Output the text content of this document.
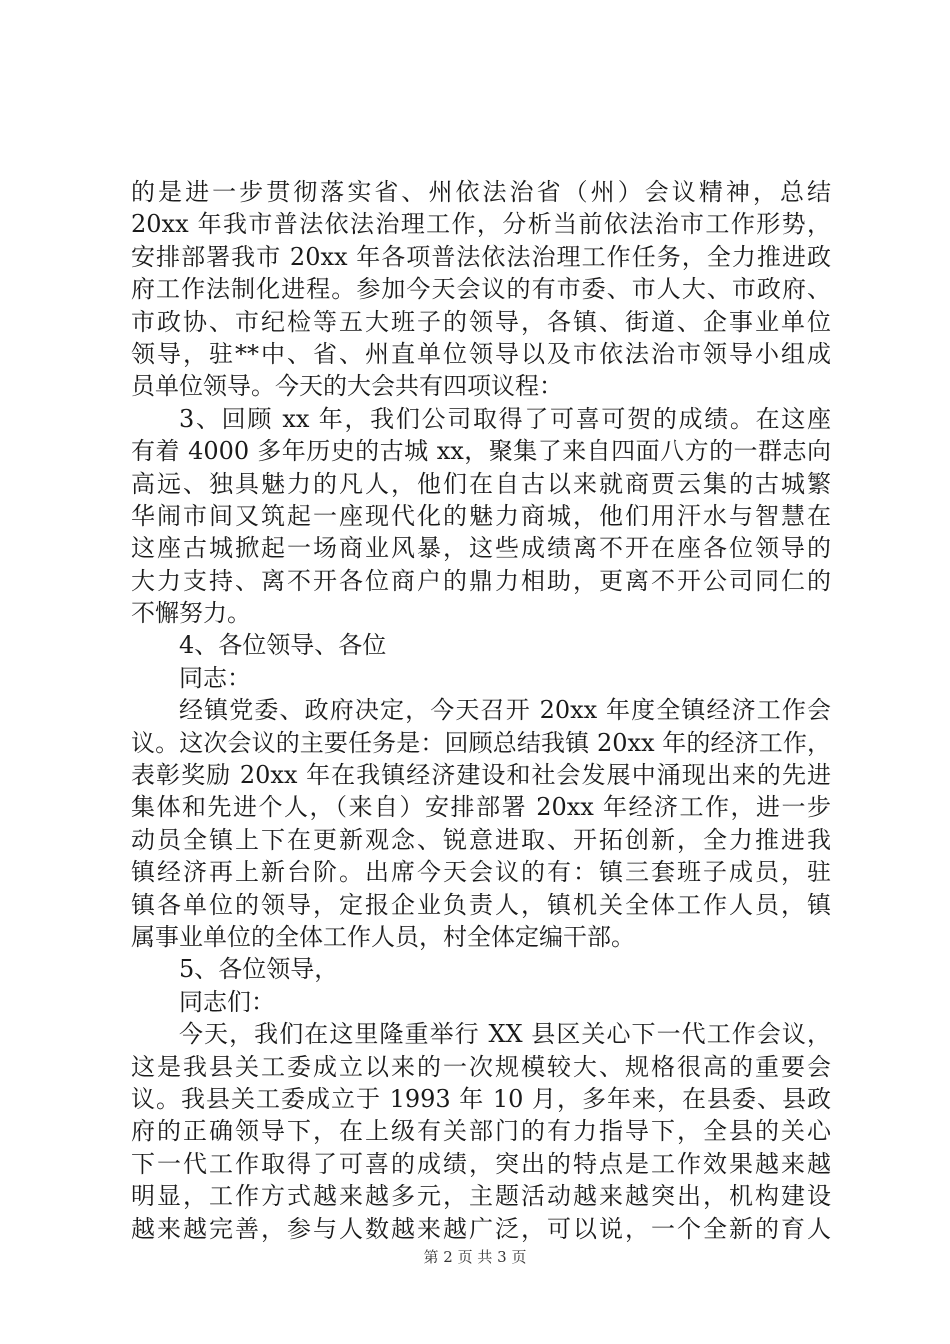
的是进一步贯彻落实省、州依法治省（州）会议精神，总结
20xx 年我市普法依法治理工作，分析当前依法治市工作形势，
安排部署我市 20xx 年各项普法依法治理工作任务，全力推进政
府工作法制化进程。参加今天会议的有市委、市人大、市政府、
市政协、市纪检等五大班子的领导，各镇、街道、企事业单位
领导，驻**中、省、州直单位领导以及市依法治市领导小组成
员单位领导。今天的大会共有四项议程：
3、回顾 xx 年，我们公司取得了可喜可贺的成绩。在这座
有着 4000 多年历史的古城 xx，聚集了来自四面八方的一群志向
高远、独具魅力的凡人，他们在自古以来就商贾云集的古城繁
华闹市间又筑起一座现代化的魅力商城，他们用汗水与智慧在
这座古城掀起一场商业风暴，这些成绩离不开在座各位领导的
大力支持、离不开各位商户的鼎力相助，更离不开公司同仁的
不懈努力。
4、各位领导、各位
同志：
经镇党委、政府决定，今天召开 20xx 年度全镇经济工作会
议。这次会议的主要任务是：回顾总结我镇 20xx 年的经济工作，
表彰奖励 20xx 年在我镇经济建设和社会发展中涌现出来的先进
集体和先进个人，（来自）安排部署 20xx 年经济工作，进一步
动员全镇上下在更新观念、锐意进取、开拓创新，全力推进我
镇经济再上新台阶。出席今天会议的有：镇三套班子成员，驻
镇各单位的领导，定报企业负责人，镇机关全体工作人员，镇
属事业单位的全体工作人员，村全体定编干部。
5、各位领导，
同志们：
今天，我们在这里隆重举行 XX 县区关心下一代工作会议，
这是我县关工委成立以来的一次规模较大、规格很高的重要会
议。我县关工委成立于 1993 年 10 月，多年来，在县委、县政
府的正确领导下，在上级有关部门的有力指导下，全县的关心
下一代工作取得了可喜的成绩，突出的特点是工作效果越来越
明显，工作方式越来越多元，主题活动越来越突出，机构建设
越来越完善，参与人数越来越广泛，可以说，一个全新的育人
第 2 页 共 3 页
